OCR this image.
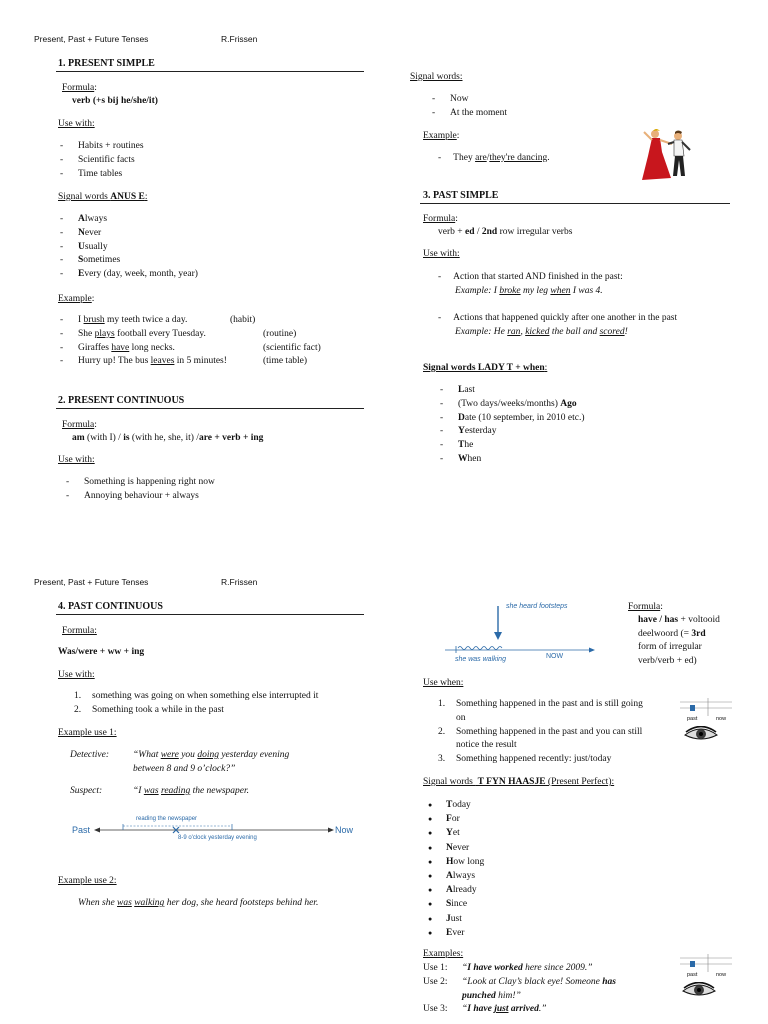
Present, Past + Future Tenses	R.Frissen
1. PRESENT SIMPLE
Formula:
verb (+s bij he/she/it)
Use with:
- Habits + routines
- Scientific facts
- Time tables
Signal words ANUS E:
- Always
- Never
- Usually
- Sometimes
- Every (day, week, month, year)
Example:
- I brush my teeth twice a day.	(habit)
- She plays football every Tuesday.	(routine)
- Giraffes have long necks.	(scientific fact)
- Hurry up! The bus leaves in 5 minutes!	(time table)
2. PRESENT CONTINUOUS
Formula:
am (with I) / is (with he, she, it) /are + verb + ing
Use with:
- Something is happening right now
- Annoying behaviour + always
Signal words:
- Now
- At the moment
Example:
- They are/they're dancing.
3. PAST SIMPLE
Formula:
verb + ed / 2nd row irregular verbs
Use with:
- Action that started AND finished in the past:
Example: I broke my leg when I was 4.
- Actions that happened quickly after one another in the past
Example: He ran, kicked the ball and scored!
Signal words LADY T + when:
- Last
- (Two days/weeks/months) Ago
- Date (10 september, in 2010 etc.)
- Yesterday
- The
- When
Present, Past + Future Tenses	R.Frissen
4. PAST CONTINUOUS
Formula:
Was/were + ww + ing
Use with:
1. something was going on when something else interrupted it
2. Something took a while in the past
Example use 1:
Detective:	“What were you doing yesterday evening
between 8 and 9 o’clock?”
Suspect:	“I was reading the newspaper.
Past	Now
reading the newspaper
8-9 o'clock yesterday evening
Example use 2:
When she was walking her dog, she heard footsteps behind her.
she heard footsteps
she was walking	NOW
Formula:
have / has + voltooid
deelwoord (= 3rd
form of irregular
verb/verb + ed)
Use when:
1. Something happened in the past and is still going on
2. Something happened in the past and you can still notice the result
3. Something happened recently: just/today
past	now
Signal words  T FYN HAASJE (Present Perfect):
● Today
● For
● Yet
● Never
● How long
● Always
● Already
● Since
● Just
● Ever
Examples:
Use 1: “I have worked here since 2009.”
Use 2: “Look at Clay’s black eye! Someone has
punched him!”
Use 3: “I have just arrived.”
past	now
